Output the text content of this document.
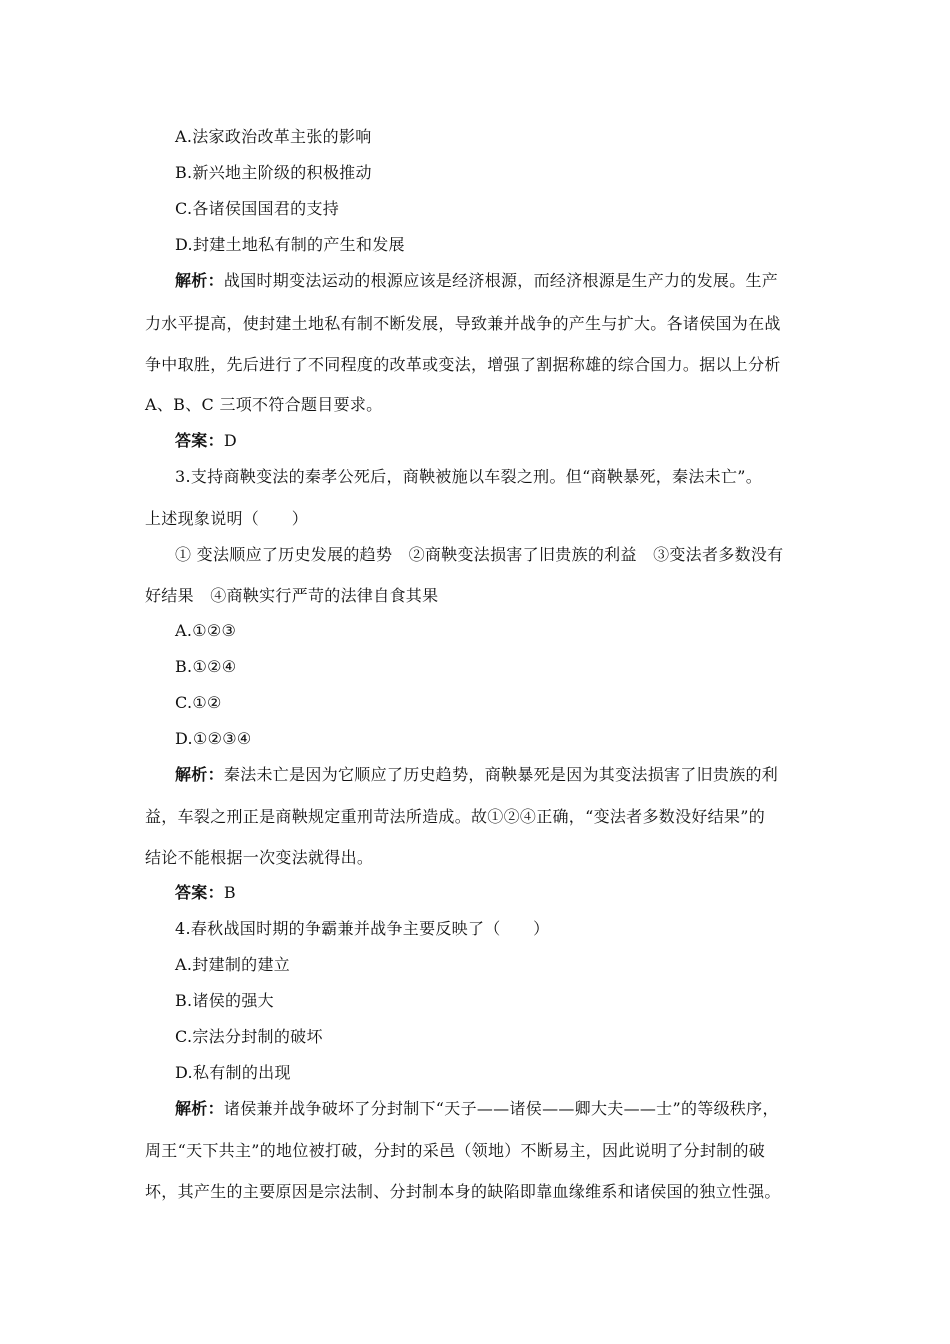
A.法家政治改革主张的影响
B.新兴地主阶级的积极推动
C.各诸侯国国君的支持
D.封建土地私有制的产生和发展
解析：战国时期变法运动的根源应该是经济根源，而经济根源是生产力的发展。生产
力水平提高，使封建土地私有制不断发展，导致兼并战争的产生与扩大。各诸侯国为在战
争中取胜，先后进行了不同程度的改革或变法，增强了割据称雄的综合国力。据以上分析
A、B、C 三项不符合题目要求。
答案：D
3.支持商鞅变法的秦孝公死后，商鞅被施以车裂之刑。但“商鞅暴死，秦法未亡”。
上述现象说明（　　）
① 变法顺应了历史发展的趋势　②商鞅变法损害了旧贵族的利益　③变法者多数没有
好结果　④商鞅实行严苛的法律自食其果
A.①②③
B.①②④
C.①②
D.①②③④
解析：秦法未亡是因为它顺应了历史趋势，商鞅暴死是因为其变法损害了旧贵族的利
益，车裂之刑正是商鞅规定重刑苛法所造成。故①②④正确，“变法者多数没好结果”的
结论不能根据一次变法就得出。
答案：B
4.春秋战国时期的争霸兼并战争主要反映了（　　）
A.封建制的建立
B.诸侯的强大
C.宗法分封制的破坏
D.私有制的出现
解析：诸侯兼并战争破坏了分封制下“天子——诸侯——卿大夫——士”的等级秩序，
周王“天下共主”的地位被打破，分封的采邑（领地）不断易主，因此说明了分封制的破
坏，其产生的主要原因是宗法制、分封制本身的缺陷即靠血缘维系和诸侯国的独立性强。
